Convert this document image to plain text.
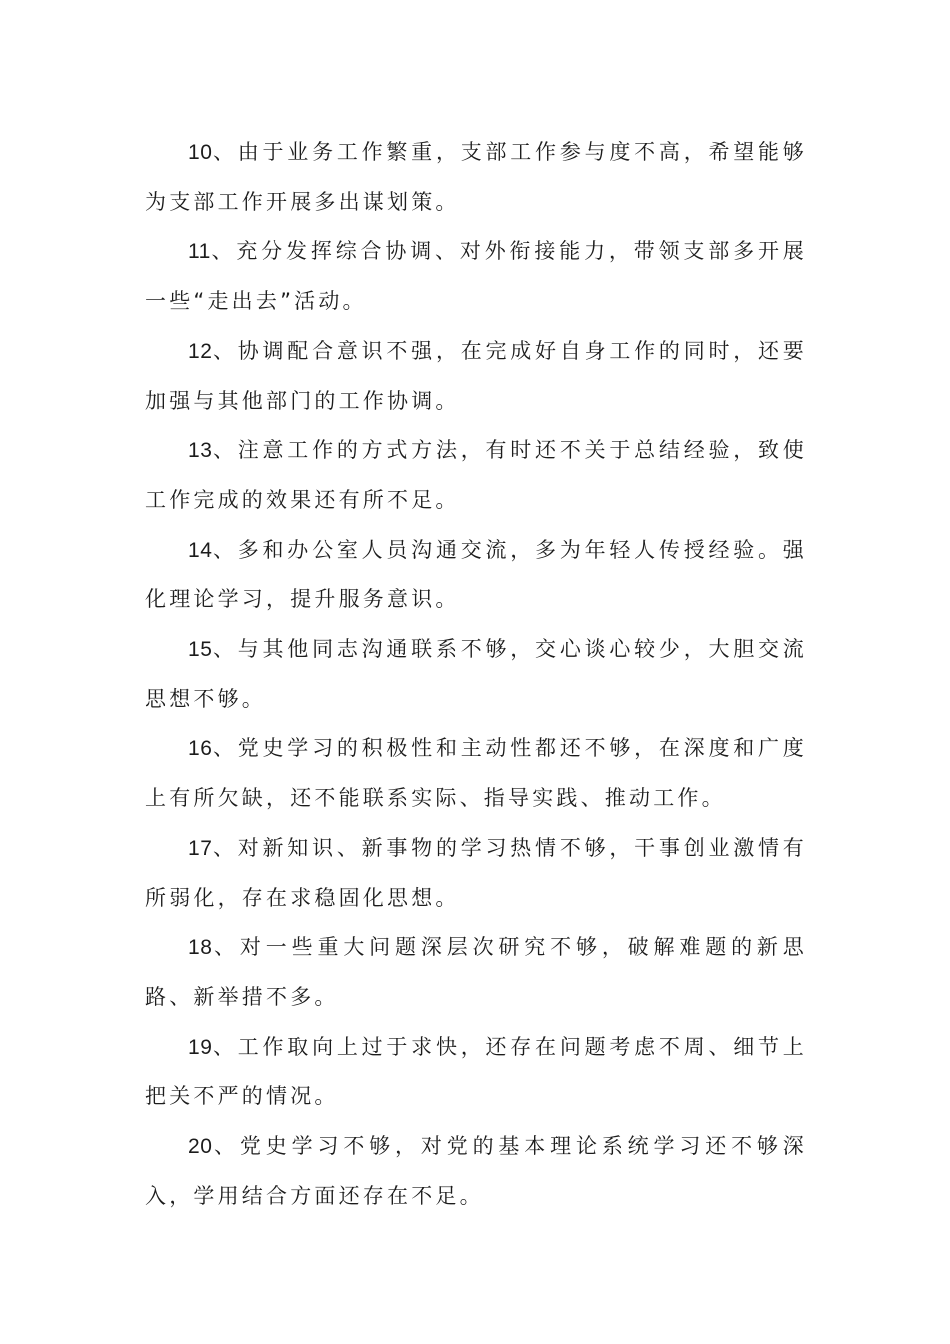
10、由于业务工作繁重，支部工作参与度不高，希望能够为支部工作开展多出谋划策。

11、充分发挥综合协调、对外衔接能力，带领支部多开展一些“走出去”活动。

12、协调配合意识不强，在完成好自身工作的同时，还要加强与其他部门的工作协调。

13、注意工作的方式方法，有时还不关于总结经验，致使工作完成的效果还有所不足。

14、多和办公室人员沟通交流，多为年轻人传授经验。强化理论学习，提升服务意识。

15、与其他同志沟通联系不够，交心谈心较少，大胆交流思想不够。

16、党史学习的积极性和主动性都还不够，在深度和广度上有所欠缺，还不能联系实际、指导实践、推动工作。

17、对新知识、新事物的学习热情不够，干事创业激情有所弱化，存在求稳固化思想。

18、对一些重大问题深层次研究不够，破解难题的新思路、新举措不多。

19、工作取向上过于求快，还存在问题考虑不周、细节上把关不严的情况。

20、党史学习不够，对党的基本理论系统学习还不够深入，学用结合方面还存在不足。
